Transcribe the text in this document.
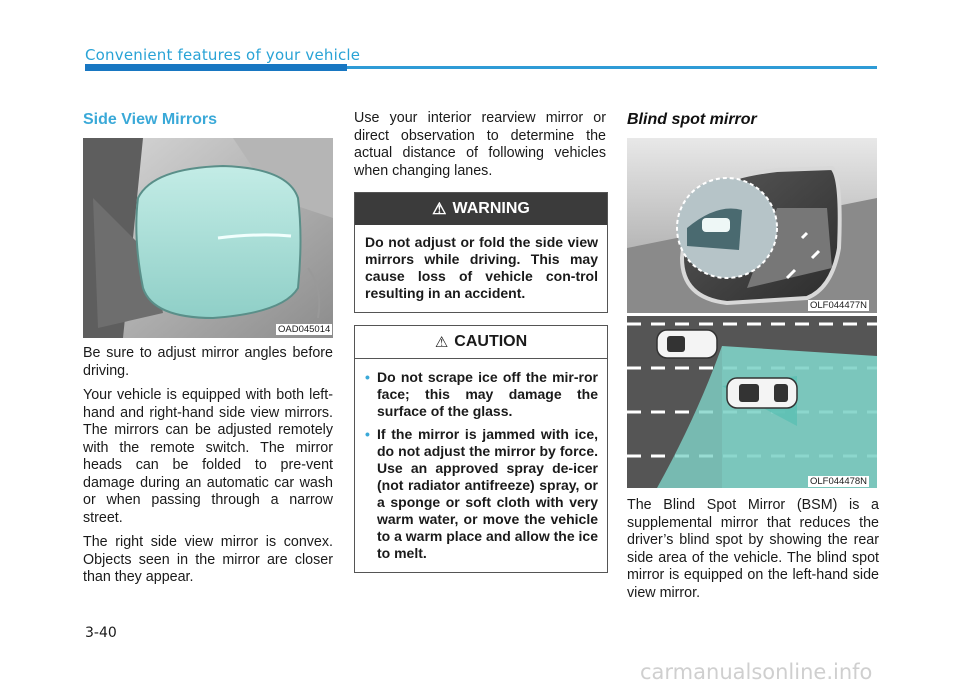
Convenient features of your vehicle
Side View Mirrors
OAD045014

Be sure to adjust mirror angles before driving.

Your vehicle is equipped with both left-hand and right-hand side view mirrors. The mirrors can be adjusted remotely with the remote switch. The mirror heads can be folded to pre-vent damage during an automatic car wash or when passing through a narrow street.

The right side view mirror is convex. Objects seen in the mirror are closer than they appear.

Use your interior rearview mirror or direct observation to determine the actual distance of following vehicles when changing lanes.

⚠ WARNING
Do not adjust or fold the side view mirrors while driving. This may cause loss of vehicle con-trol resulting in an accident.
⚠ CAUTION
• Do not scrape ice off the mir-ror face; this may damage the surface of the glass.
• If the mirror is jammed with ice, do not adjust the mirror by force. Use an approved spray de-icer (not radiator antifreeze) spray, or a sponge or soft cloth with very warm water, or move the vehicle to a warm place and allow the ice to melt.
Blind spot mirror
OLF044477N
OLF044478N

The Blind Spot Mirror (BSM) is a supplemental mirror that reduces the driver’s blind spot by showing the rear side area of the vehicle. The blind spot mirror is equipped on the left-hand side view mirror.

3-40
carmanualsonline.info
